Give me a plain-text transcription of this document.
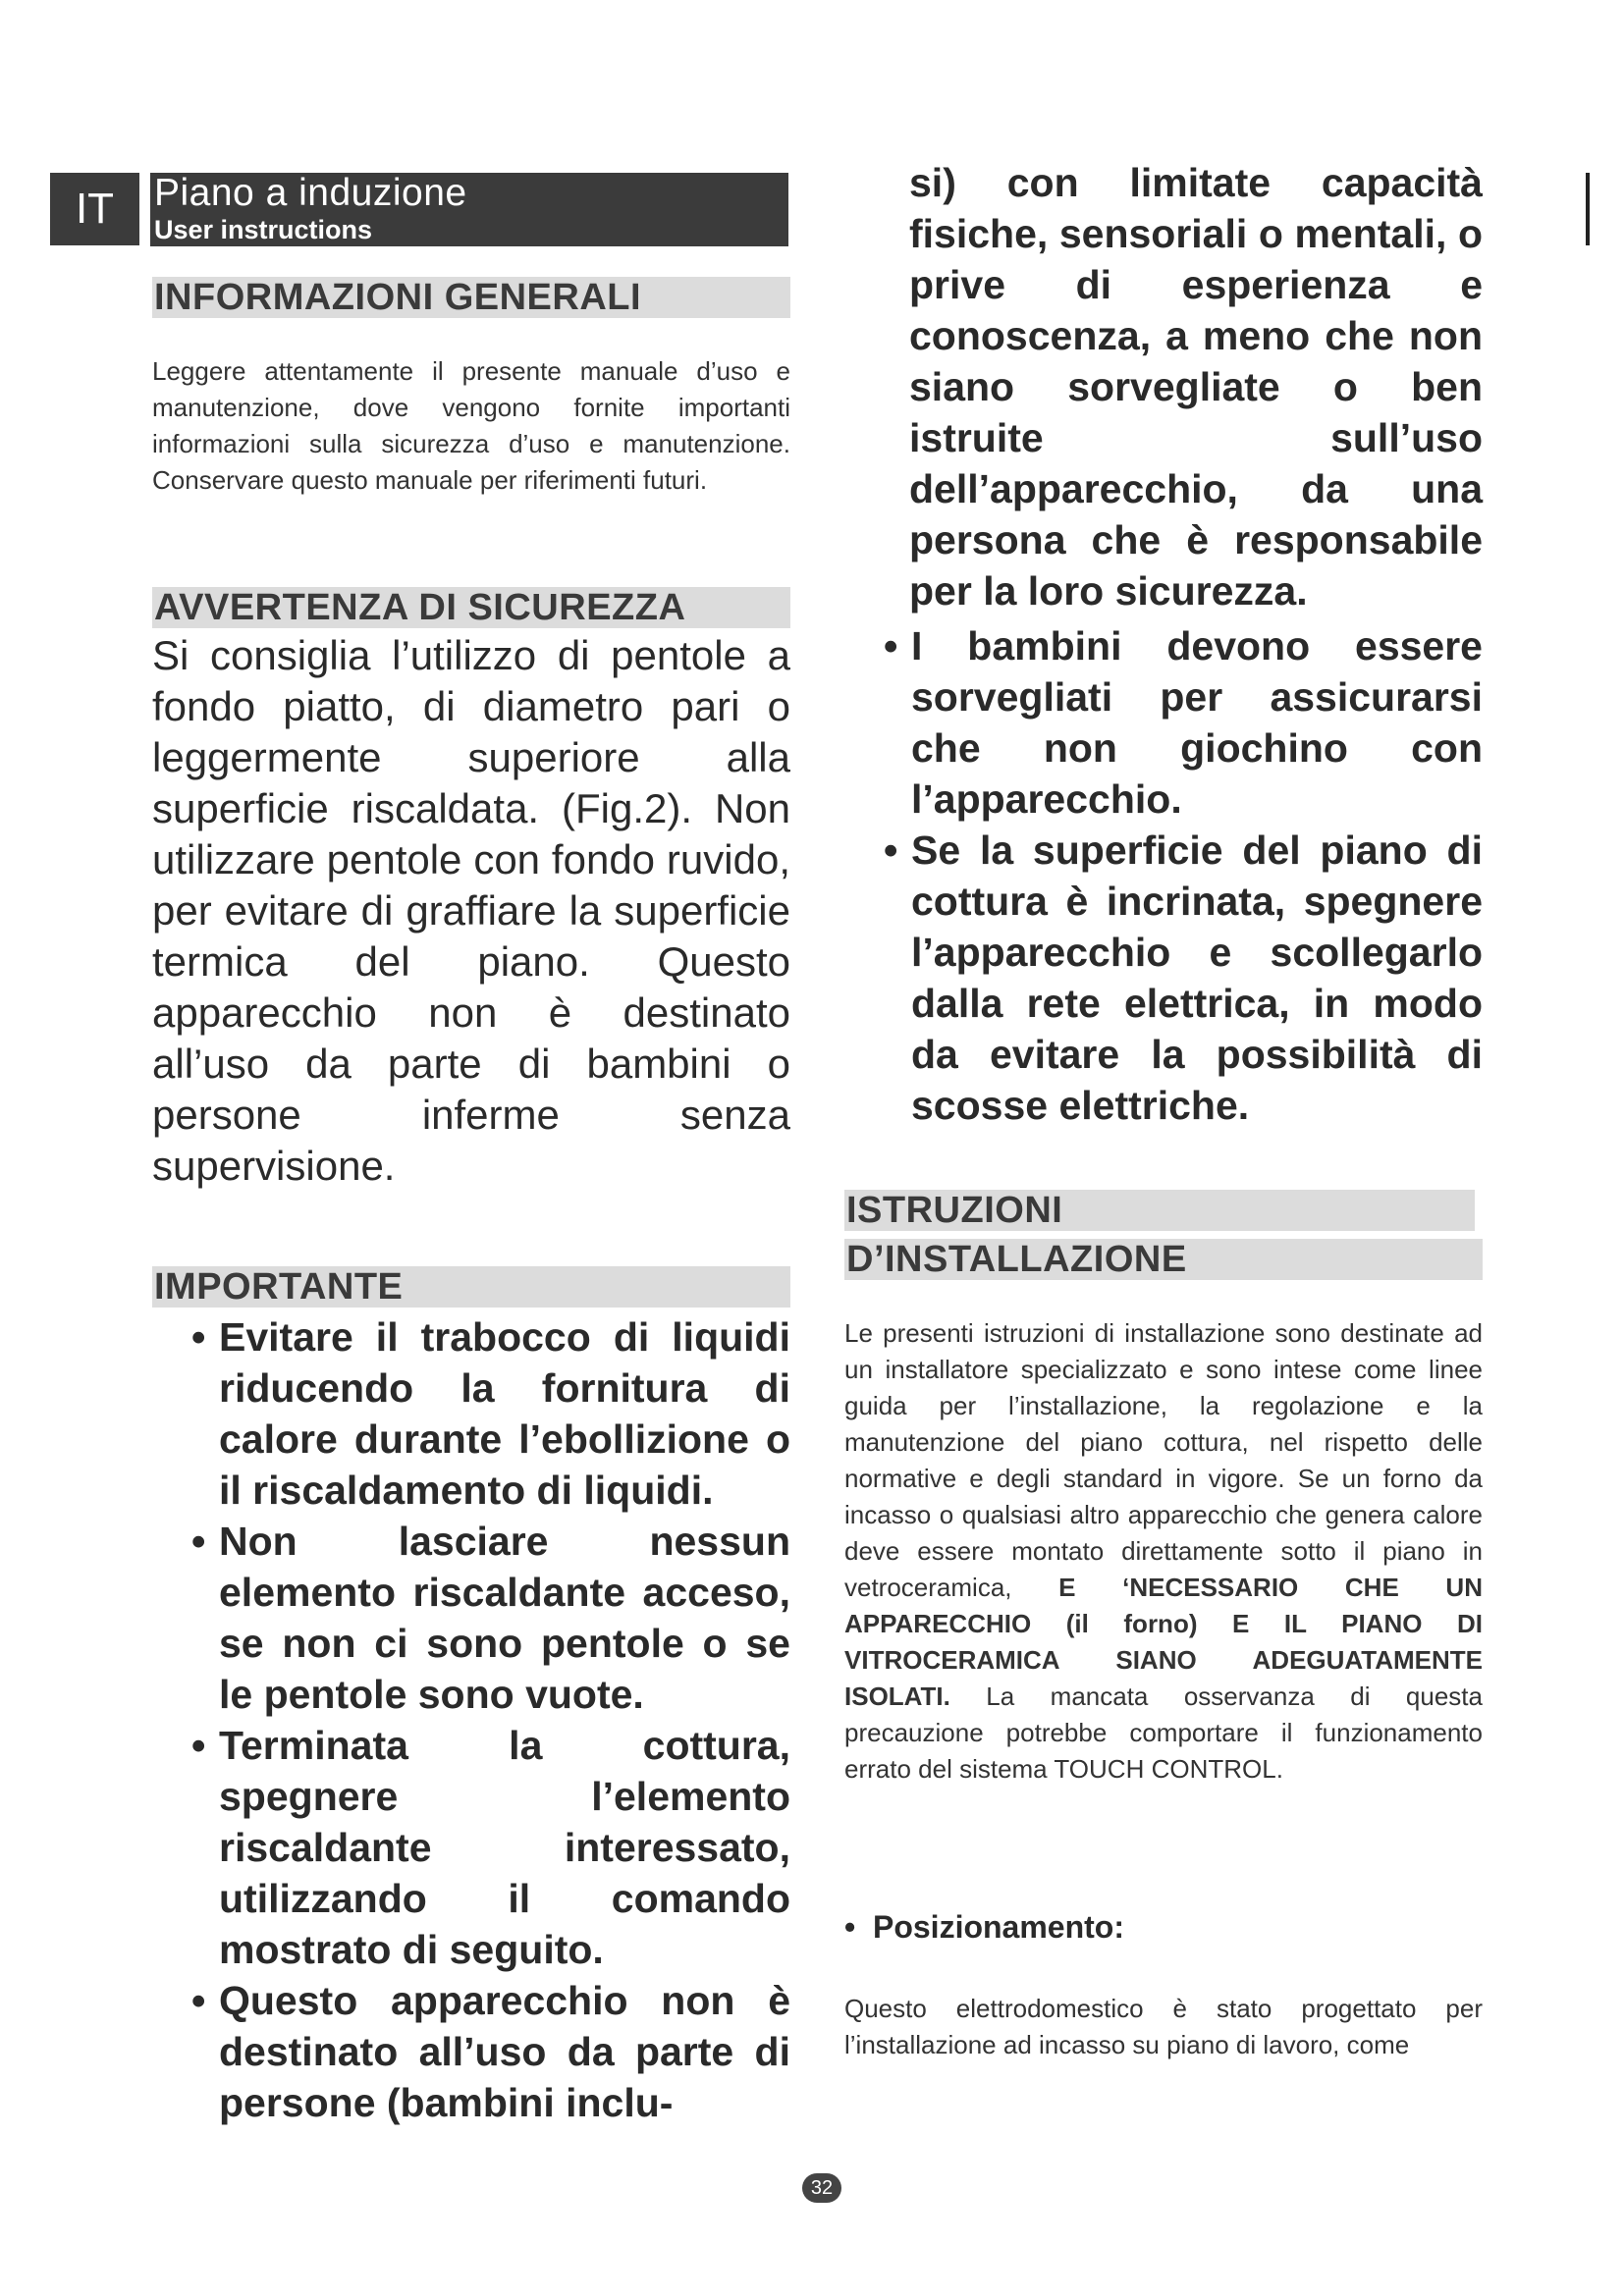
IT	Piano a induzione
User instructions
INFORMAZIONI GENERALI

Leggere attentamente il presente manuale d’uso e manutenzione, dove vengono fornite importanti informazioni sulla sicurezza d’uso e manutenzione. Conservare questo manuale per riferimenti futuri.

AVVERTENZA DI SICUREZZA

Si consiglia l’utilizzo di pentole a fondo piatto, di diametro pari o leggermente superiore alla superficie riscaldata. (Fig.2). Non utilizzare pentole con fondo ruvido, per evitare di graffiare la superficie termica del piano. Questo apparecchio non è destinato all’uso da parte di bambini o persone inferme senza supervisione.

IMPORTANTE
• Evitare il trabocco di liquidi riducendo la fornitura di calore durante l’ebollizione o il riscaldamento di liquidi.
• Non lasciare nessun elemento riscaldante acceso, se non ci sono pentole o se le pentole sono vuote.
• Terminata la cottura, spegnere l’elemento riscaldante interessato, utilizzando il comando mostrato di seguito.
• Questo apparecchio non è destinato all’uso da parte di persone (bambini inclu-

si) con limitate capacità fisiche, sensoriali o mentali, o prive di esperienza e conoscenza, a meno che non siano sorvegliate o ben istruite sull’uso dell’apparecchio, da una persona che è responsabile per la loro sicurezza.

• I bambini devono essere sorvegliati per assicurarsi che non giochino con l’apparecchio.
• Se la superficie del piano di cottura è incrinata, spegnere l’apparecchio e scollegarlo dalla rete elettrica, in modo da evitare la possibilità di scosse elettriche.
ISTRUZIONI
D’INSTALLAZIONE

Le presenti istruzioni di installazione sono destinate ad un installatore specializzato e sono intese come linee guida per l’installazione, la regolazione e la manutenzione del piano cottura, nel rispetto delle normative e degli standard in vigore. Se un forno da incasso o qualsiasi altro apparecchio che genera calore deve essere montato direttamente sotto il piano in vetroceramica, E ‘NECESSARIO CHE UN APPARECCHIO (il forno) E IL PIANO DI VITROCERAMICA SIANO ADEGUATAMENTE ISOLATI. La mancata osservanza di questa precauzione potrebbe comportare il funzionamento errato del sistema TOUCH CONTROL.

•  Posizionamento:

Questo elettrodomestico è stato progettato per l’installazione ad incasso su piano di lavoro, come

32
